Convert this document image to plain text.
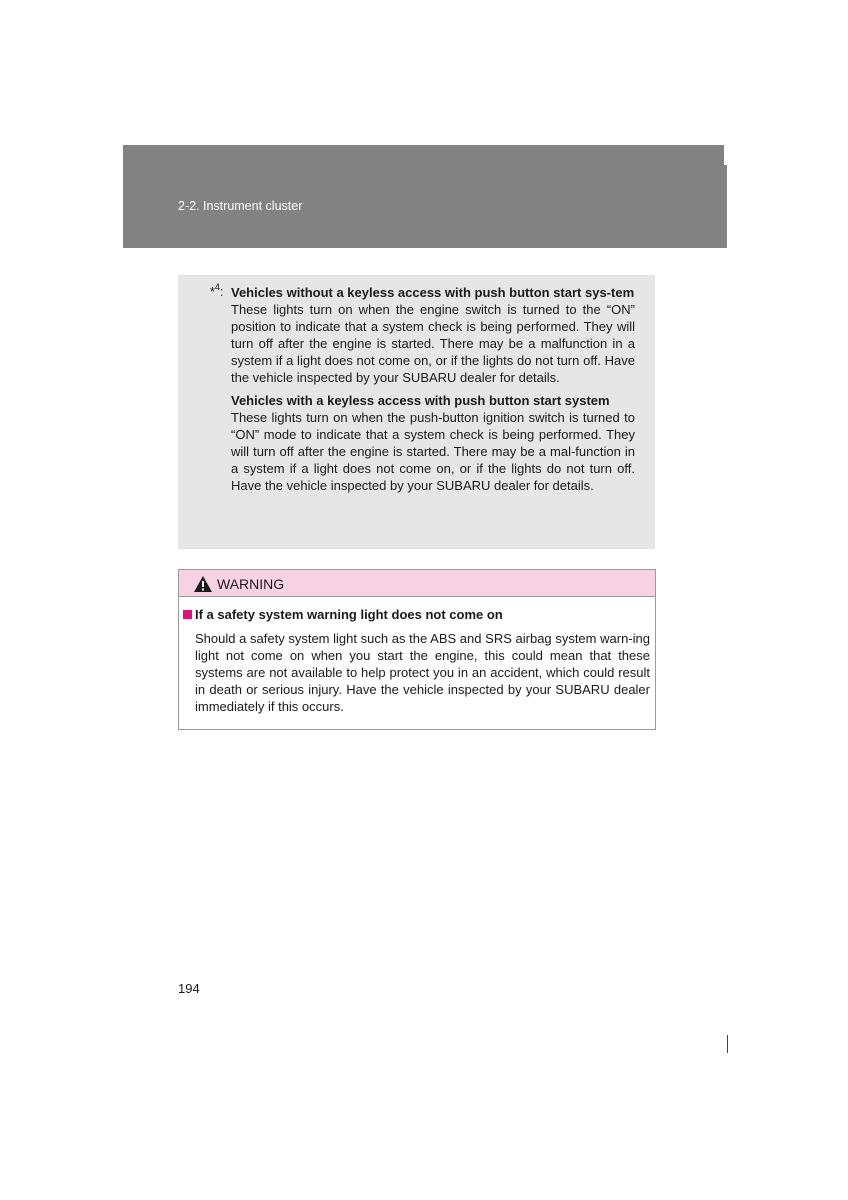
2-2. Instrument cluster
*$^4$: Vehicles without a keyless access with push button start sys-tem

These lights turn on when the engine switch is turned to the “ON” position to indicate that a system check is being performed. They will turn off after the engine is started. There may be a malfunction in a system if a light does not come on, or if the lights do not turn off. Have the vehicle inspected by your SUBARU dealer for details.

Vehicles with a keyless access with push button start system

These lights turn on when the push-button ignition switch is turned to “ON” mode to indicate that a system check is being performed. They will turn off after the engine is started. There may be a mal-function in a system if a light does not come on, or if the lights do not turn off. Have the vehicle inspected by your SUBARU dealer for details.

WARNING
If a safety system warning light does not come on

Should a safety system light such as the ABS and SRS airbag system warn-ing light not come on when you start the engine, this could mean that these systems are not available to help protect you in an accident, which could result in death or serious injury. Have the vehicle inspected by your SUBARU dealer immediately if this occurs.

194
